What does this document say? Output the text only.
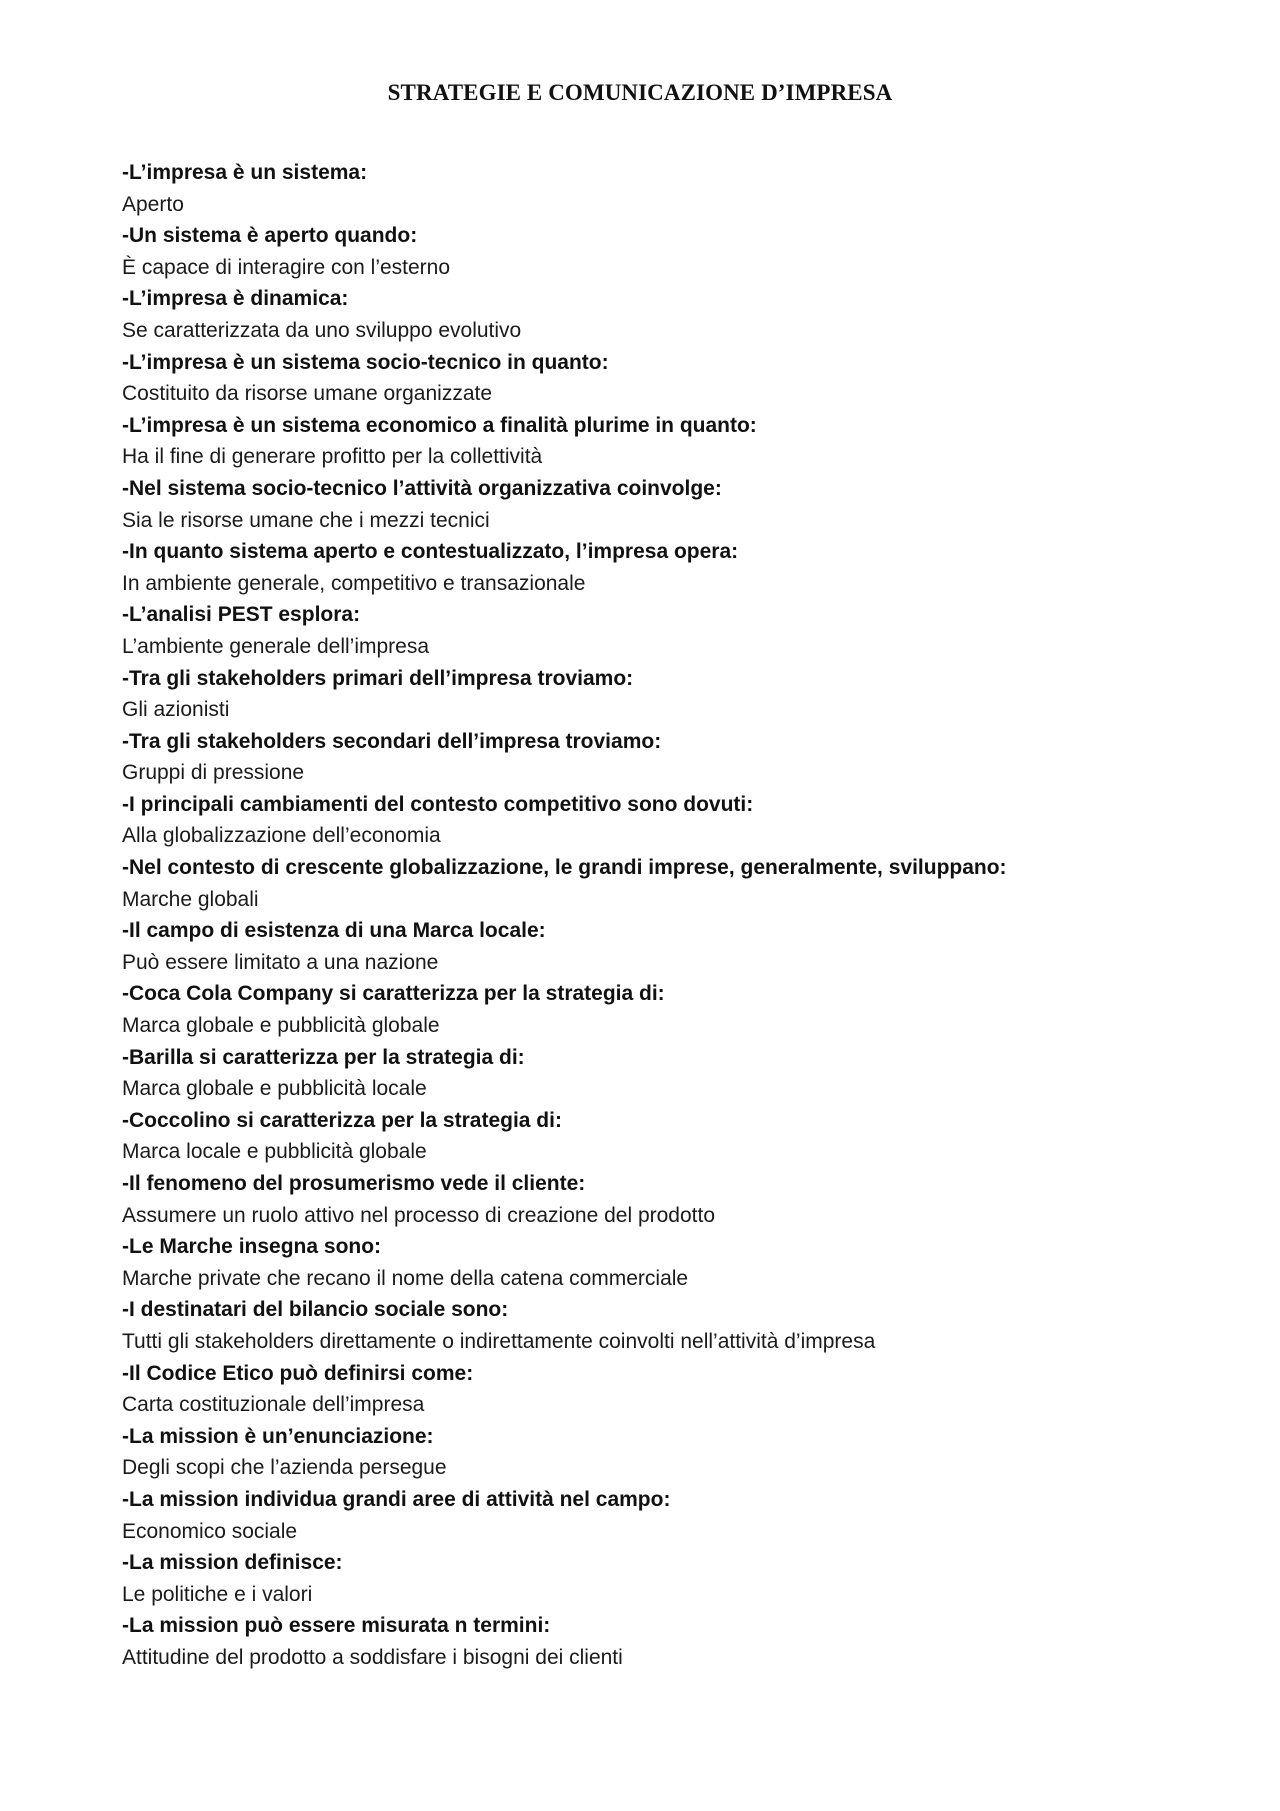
STRATEGIE E COMUNICAZIONE D’IMPRESA
-L’impresa è un sistema:
Aperto
-Un sistema è aperto quando:
È capace di interagire con l’esterno
-L’impresa è dinamica:
Se caratterizzata da uno sviluppo evolutivo
-L’impresa è un sistema socio-tecnico in quanto:
Costituito da risorse umane organizzate
-L’impresa è un sistema economico a finalità plurime in quanto:
Ha il fine di generare profitto per la collettività
-Nel sistema socio-tecnico l’attività organizzativa coinvolge:
Sia le risorse umane che i mezzi tecnici
-In quanto sistema aperto e contestualizzato, l’impresa opera:
In ambiente generale, competitivo e transazionale
-L’analisi PEST esplora:
L’ambiente generale dell’impresa
-Tra gli stakeholders primari dell’impresa troviamo:
Gli azionisti
-Tra gli stakeholders secondari dell’impresa troviamo:
Gruppi di pressione
-I principali cambiamenti del contesto competitivo sono dovuti:
Alla globalizzazione dell’economia
-Nel contesto di crescente globalizzazione, le grandi imprese, generalmente, sviluppano:
Marche globali
-Il campo di esistenza di una Marca locale:
Può essere limitato a una nazione
-Coca Cola Company si caratterizza per la strategia di:
Marca globale e pubblicità globale
-Barilla si caratterizza per la strategia di:
Marca globale e pubblicità locale
-Coccolino si caratterizza per la strategia di:
Marca locale e pubblicità globale
-Il fenomeno del prosumerismo vede il cliente:
Assumere un ruolo attivo nel processo di creazione del prodotto
-Le Marche insegna sono:
Marche private che recano il nome della catena commerciale
-I destinatari del bilancio sociale sono:
Tutti gli stakeholders direttamente o indirettamente coinvolti nell’attività d’impresa
-Il Codice Etico può definirsi come:
Carta costituzionale dell’impresa
-La mission è un’enunciazione:
Degli scopi che l’azienda persegue
-La mission individua grandi aree di attività nel campo:
Economico sociale
-La mission definisce:
Le politiche e i valori
-La mission può essere misurata n termini:
Attitudine del prodotto a soddisfare i bisogni dei clienti
